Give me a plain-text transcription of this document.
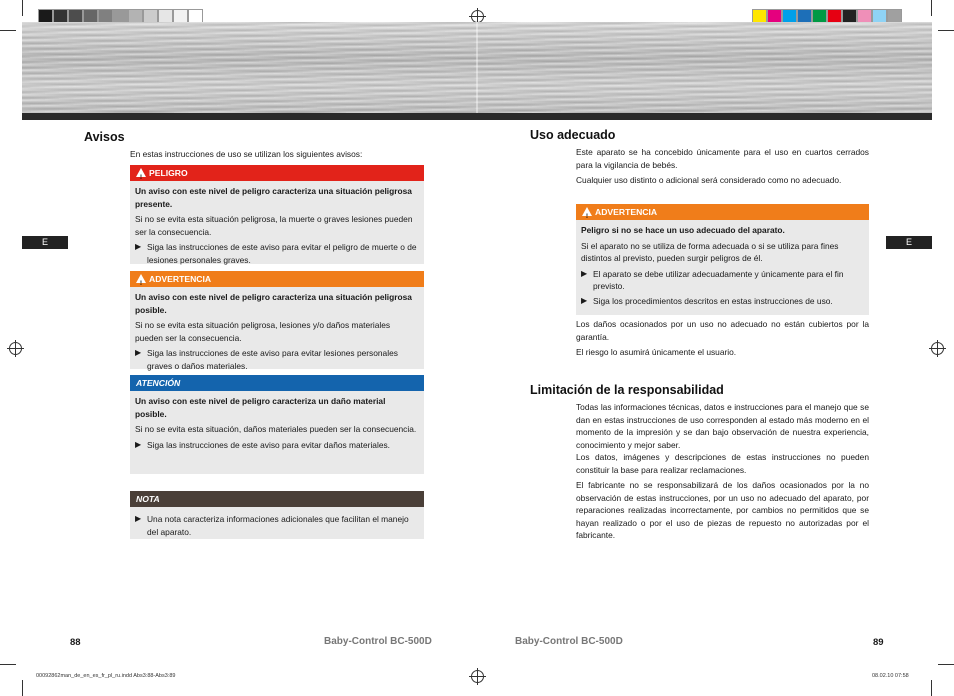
Avisos
En estas instrucciones de uso se utilizan los siguientes avisos:
! PELIGRO
Un aviso con este nivel de peligro caracteriza una situación peligrosa presente.
Si no se evita esta situación peligrosa, la muerte o graves lesiones pueden ser la consecuencia.
▶ Siga las instrucciones de este aviso para evitar el peligro de muerte o de lesiones personales graves.
! ADVERTENCIA
Un aviso con este nivel de peligro caracteriza una situación peligrosa posible.
Si no se evita esta situación peligrosa, lesiones y/o daños materiales pueden ser la consecuencia.
▶ Siga las instrucciones de este aviso para evitar lesiones personales graves o daños materiales.
ATENCIÓN
Un aviso con este nivel de peligro caracteriza un daño material posible.
Si no se evita esta situación, daños materiales pueden ser la consecuencia.
▶ Siga las instrucciones de este aviso para evitar daños materiales.
NOTA
▶ Una nota caracteriza informaciones adicionales que facilitan el manejo del aparato.
E
88	Baby-Control BC-500D
00092862man_de_en_es_fr_pl_ru.indd Abs3:88-Abs3:89
Uso adecuado
Este aparato se ha concebido únicamente para el uso en cuartos cerrados para la vigilancia de bebés.
Cualquier uso distinto o adicional será considerado como no adecuado.
! ADVERTENCIA
Peligro si no se hace un uso adecuado del aparato.
Si el aparato no se utiliza de forma adecuada o si se utiliza para fines distintos al previsto, pueden surgir peligros de él.
▶ El aparato se debe utilizar adecuadamente y únicamente para el fin previsto.
▶ Siga los procedimientos descritos en estas instrucciones de uso.
Los daños ocasionados por un uso no adecuado no están cubiertos por la garantía.
El riesgo lo asumirá únicamente el usuario.
Limitación de la responsabilidad
Todas las informaciones técnicas, datos e instrucciones para el manejo que se dan en estas instrucciones de uso corresponden al estado más moderno en el momento de la impresión y se dan bajo observación de nuestra experiencia, conocimiento y mejor saber.
Los datos, imágenes y descripciones de estas instrucciones no pueden constituir la base para realizar reclamaciones.
El fabricante no se responsabilizará de los daños ocasionados por la no observación de estas instrucciones, por un uso no adecuado del aparato, por reparaciones realizadas incorrectamente, por cambios no permitidos que se hayan realizado o por el uso de piezas de repuesto no autorizadas por el fabricante.
E
Baby-Control BC-500D	89
08.02.10 07:58
